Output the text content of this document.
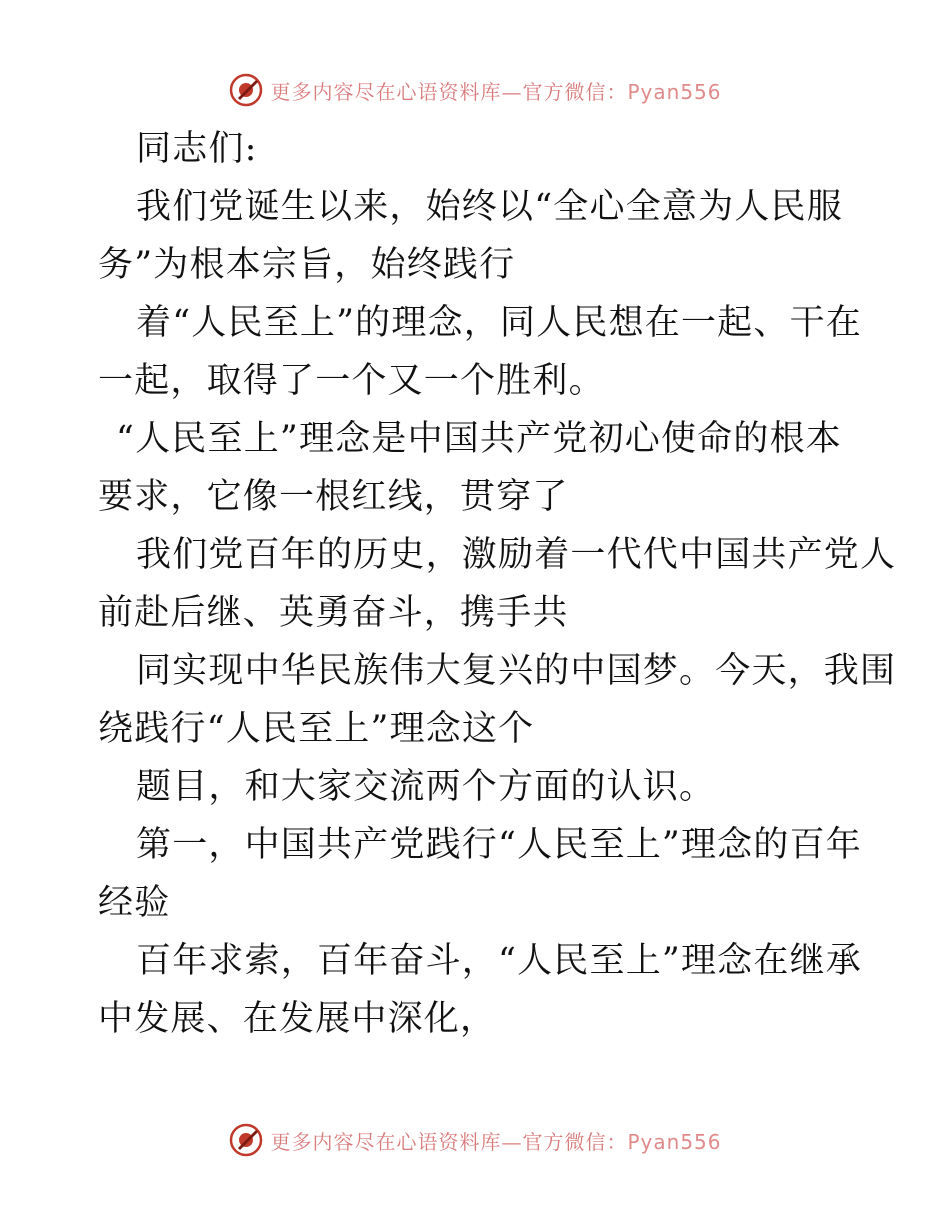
更多内容尽在心语资料库—官方微信：Pyan556
同志们:
我们党诞生以来，始终以“全心全意为人民服
务”为根本宗旨，始终践行
着“人民至上”的理念，同人民想在一起、干在
一起，取得了一个又一个胜利。
“人民至上”理念是中国共产党初心使命的根本
要求，它像一根红线，贯穿了
我们党百年的历史，激励着一代代中国共产党人
前赴后继、英勇奋斗，携手共
同实现中华民族伟大复兴的中国梦。今天，我围
绕践行“人民至上”理念这个
题目，和大家交流两个方面的认识。
第一，中国共产党践行“人民至上”理念的百年
经验
百年求索，百年奋斗，“人民至上”理念在继承
中发展、在发展中深化，
更多内容尽在心语资料库—官方微信：Pyan556
